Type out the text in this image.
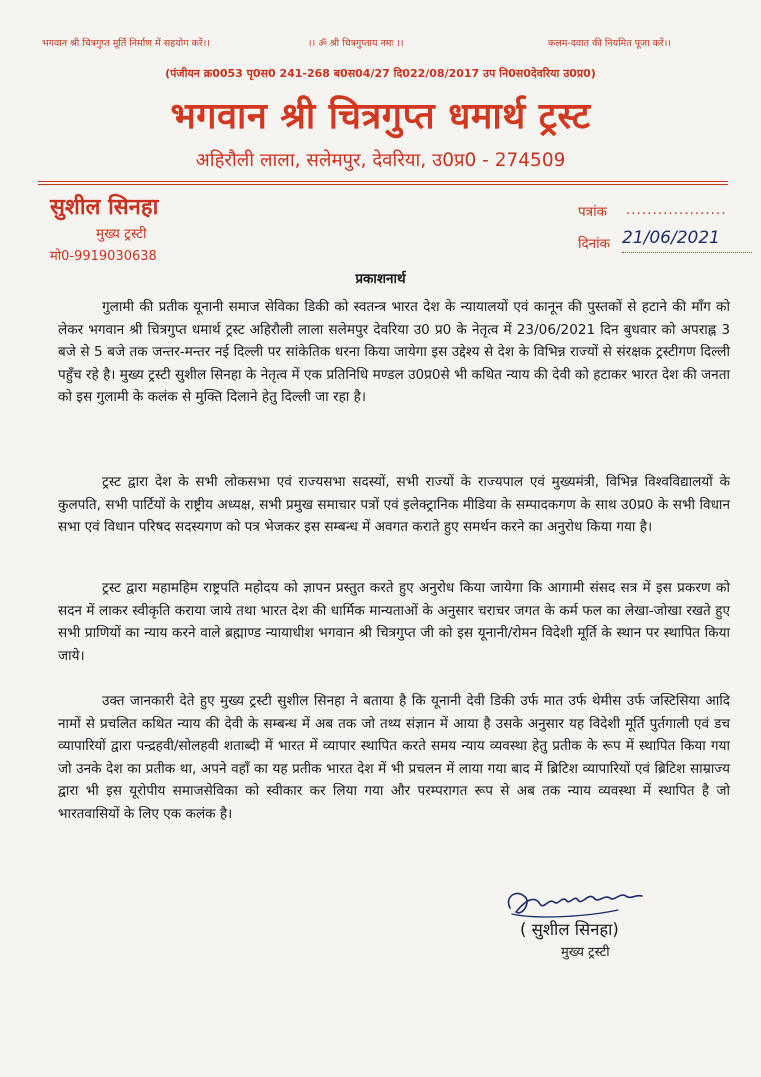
भगवान श्री चित्रगुप्त मूर्ति निर्माण में सहयोग करें।।	।। ॐ श्री चित्रगुप्ताय नमः ।।	कलम-दवात की नियमित पूजा करें।।
(पंजीयन क्र0053 पृ0स0 241-268 ब0स04/27 दि022/08/2017 उप नि0स0देवरिया उ0प्र0)
भगवान श्री चित्रगुप्त धमार्थ ट्रस्ट
अहिरौली लाला, सलेमपुर, देवरिया, उ0प्र0 - 274509
सुशील सिनहा
मुख्य ट्रस्टी
मो0-9919030638
पत्रांक ...................
दिनांक 21/06/2021
प्रकाशनार्थ

गुलामी की प्रतीक यूनानी समाज सेविका डिकी को स्वतन्त्र भारत देश के न्यायालयों एवं कानून की पुस्तकों से हटाने की माँग को लेकर भगवान श्री चित्रगुप्त धमार्थ ट्रस्ट अहिरौली लाला सलेमपुर देवरिया उ0 प्र0 के नेतृत्व में 23/06/2021 दिन बुधवार को अपराह्न 3 बजे से 5 बजे तक जन्तर-मन्तर नई दिल्ली पर सांकेतिक धरना किया जायेगा इस उद्देश्य से देश के विभिन्न राज्यों से संरक्षक ट्रस्टीगण दिल्ली पहुँच रहे है। मुख्य ट्रस्टी सुशील सिनहा के नेतृत्व में एक प्रतिनिधि मण्डल उ0प्र0से भी कथित न्याय की देवी को हटाकर भारत देश की जनता को इस गुलामी के कलंक से मुक्ति दिलाने हेतु दिल्ली जा रहा है।

ट्रस्ट द्वारा देश के सभी लोकसभा एवं राज्यसभा सदस्यों, सभी राज्यों के राज्यपाल एवं मुख्यमंत्री, विभिन्न विश्वविद्यालयों के कुलपति, सभी पार्टियों के राष्ट्रीय अध्यक्ष, सभी प्रमुख समाचार पत्रों एवं इलेक्ट्रानिक मीडिया के सम्पादकगण के साथ उ0प्र0 के सभी विधान सभा एवं विधान परिषद सदस्यगण को पत्र भेजकर इस सम्बन्ध में अवगत कराते हुए समर्थन करने का अनुरोध किया गया है।

ट्रस्ट द्वारा महामहिम राष्ट्रपति महोदय को ज्ञापन प्रस्तुत करते हुए अनुरोध किया जायेगा कि आगामी संसद सत्र में इस प्रकरण को सदन में लाकर स्वीकृति कराया जाये तथा भारत देश की धार्मिक मान्यताओं के अनुसार चराचर जगत के कर्म फल का लेखा-जोखा रखते हुए सभी प्राणियों का न्याय करने वाले ब्रह्माण्ड न्यायाधीश भगवान श्री चित्रगुप्त जी को इस यूनानी/रोमन विदेशी मूर्ति के स्थान पर स्थापित किया जाये।

उक्त जानकारी देते हुए मुख्य ट्रस्टी सुशील सिनहा ने बताया है कि यूनानी देवी डिकी उर्फ मात उर्फ थेमीस उर्फ जस्टिसिया आदि नामों से प्रचलित कथित न्याय की देवी के सम्बन्ध में अब तक जो तथ्य संज्ञान में आया है उसके अनुसार यह विदेशी मूर्ति पुर्तगाली एवं डच व्यापारियों द्वारा पन्द्रहवी/सोलहवी शताब्दी में भारत में व्यापार स्थापित करते समय न्याय व्यवस्था हेतु प्रतीक के रूप में स्थापित किया गया जो उनके देश का प्रतीक था, अपने वहाँ का यह प्रतीक भारत देश में भी प्रचलन में लाया गया बाद में ब्रिटिश व्यापारियों एवं ब्रिटिश साम्राज्य द्वारा भी इस यूरोपीय समाजसेविका को स्वीकार कर लिया गया और परम्परागत रूप से अब तक न्याय व्यवस्था में स्थापित है जो भारतवासियों के लिए एक कलंक है।

( सुशील सिनहा)
मुख्य ट्रस्टी
